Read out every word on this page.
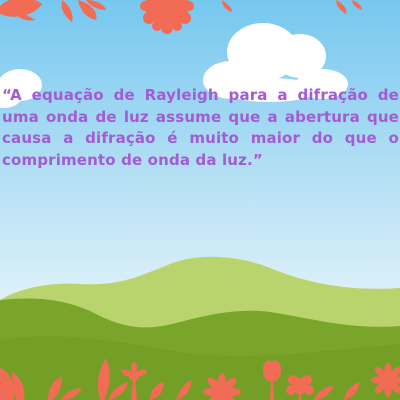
“A equação de Rayleigh para a difração de uma onda de luz assume que a abertura que causa a difração é muito maior do que o comprimento de onda da luz.”
